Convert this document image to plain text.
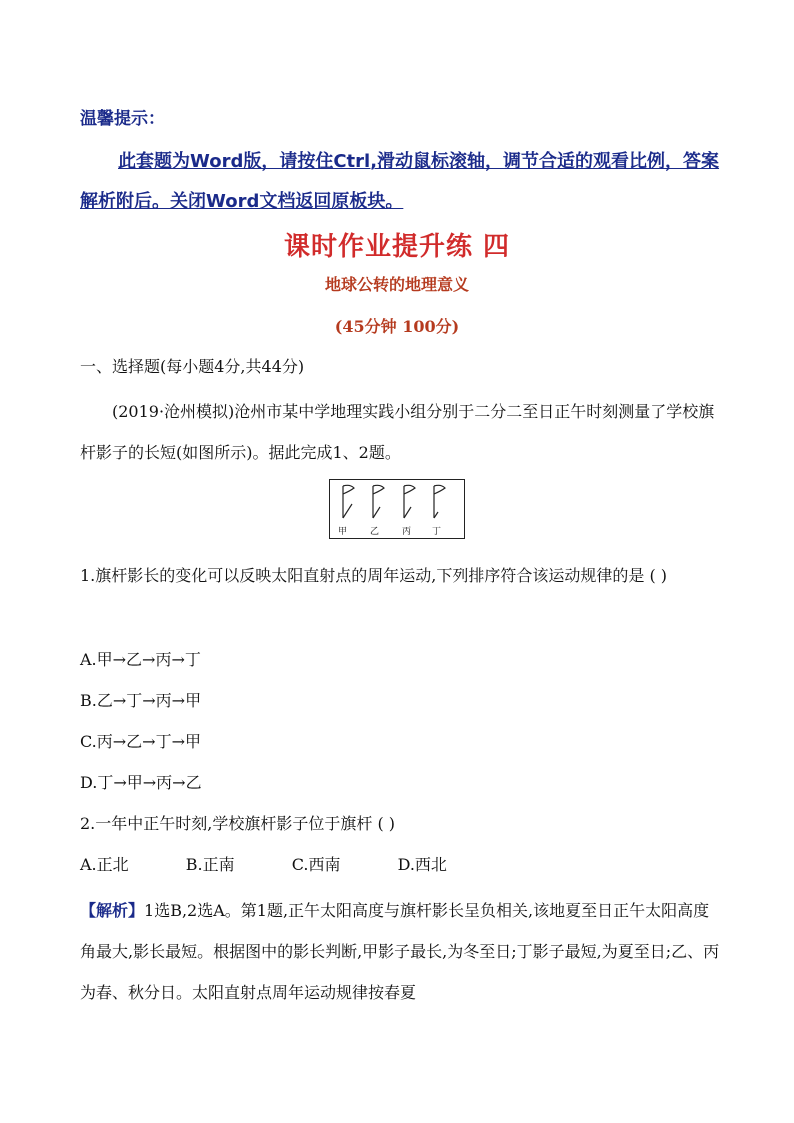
温馨提示：
此套题为Word版，请按住Ctrl,滑动鼠标滚轴，调节合适的观看比例，答案解析附后。关闭Word文档返回原板块。
课时作业提升练 四
地球公转的地理意义
(45分钟 100分)
一、选择题(每小题4分,共44分)
(2019·沧州模拟)沧州市某中学地理实践小组分别于二分二至日正午时刻测量了学校旗杆影子的长短(如图所示)。据此完成1、2题。
甲	乙	丙 丁
1.旗杆影长的变化可以反映太阳直射点的周年运动,下列排序符合该运动规律的是 ( )
A.甲→乙→丙→丁
B.乙→丁→丙→甲
C.丙→乙→丁→甲
D.丁→甲→丙→乙
2.一年中正午时刻,学校旗杆影子位于旗杆 ( )
A.正北	B.正南	C.西南	D.西北
【解析】1选B,2选A。第1题,正午太阳高度与旗杆影长呈负相关,该地夏至日正午太阳高度角最大,影长最短。根据图中的影长判断,甲影子最长,为冬至日;丁影子最短,为夏至日;乙、丙为春、秋分日。太阳直射点周年运动规律按春夏
